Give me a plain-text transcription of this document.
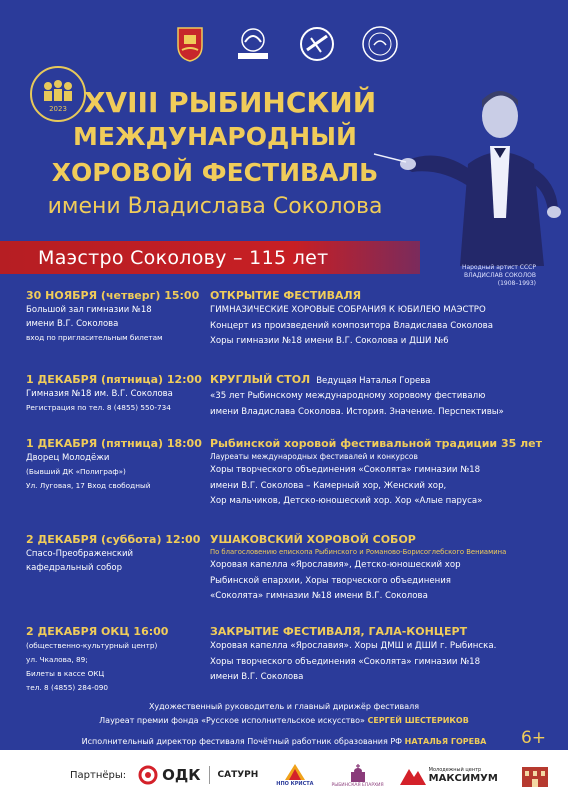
2023 XVIII РЫБИНСКИЙ
МЕЖДУНАРОДНЫЙ
ХОРОВОЙ ФЕСТИВАЛЬ
имени Владислава Соколова
Народный артист СССР
ВЛАДИСЛАВ СОКОЛОВ
(1908–1993)
Маэстро Соколову – 115 лет
30 НОЯБРЯ (четверг) 15:00
Большой зал гимназии №18
имени В.Г. Соколова
вход по пригласительным билетам
ОТКРЫТИЕ ФЕСТИВАЛЯ
ГИМНАЗИЧЕСКИЕ ХОРОВЫЕ СОБРАНИЯ К ЮБИЛЕЮ МАЭСТРО
Концерт из произведений композитора Владислава Соколова
Хоры гимназии №18 имени В.Г. Соколова и ДШИ №6
1 ДЕКАБРЯ (пятница) 12:00
Гимназия №18 им. В.Г. Соколова
Регистрация по тел. 8 (4855) 550-734
КРУГЛЫЙ СТОЛ Ведущая Наталья Горева
«35 лет Рыбинскому международному хоровому фестивалю
имени Владислава Соколова. История. Значение. Перспективы»
1 ДЕКАБРЯ (пятница) 18:00
Дворец Молодёжи
(Бывший ДК «Полиграф»)
Ул. Луговая, 17 Вход свободный
Рыбинской хоровой фестивальной традиции 35 лет
Лауреаты международных фестивалей и конкурсов
Хоры творческого объединения «Соколята» гимназии №18
имени В.Г. Соколова – Камерный хор, Женский хор,
Хор мальчиков, Детско-юношеский хор. Хор «Алые паруса»
2 ДЕКАБРЯ (суббота) 12:00
Спасо-Преображенский
кафедральный собор
УШАКОВСКИЙ ХОРОВОЙ СОБОР
По благословению епископа Рыбинского и Романово-Борисоглебского Вениамина
Хоровая капелла «Ярославия», Детско-юношеский хор
Рыбинской епархии, Хоры творческого объединения
«Соколята» гимназии №18 имени В.Г. Соколова
2 ДЕКАБРЯ ОКЦ 16:00
(общественно-культурный центр)
ул. Чкалова, 89;
Билеты в кассе ОКЦ
тел. 8 (4855) 284-090
ЗАКРЫТИЕ ФЕСТИВАЛЯ, ГАЛА-КОНЦЕРТ
Хоровая капелла «Ярославия». Хоры ДМШ и ДШИ г. Рыбинска.
Хоры творческого объединения «Соколята» гимназии №18
имени В.Г. Соколова
Художественный руководитель и главный дирижёр фестиваля
Лауреат премии фонда «Русское исполнительское искусство» СЕРГЕЙ ШЕСТЕРИКОВ
Исполнительный директор фестиваля Почётный работник образования РФ НАТАЛЬЯ ГОРЕВА	6+
Партнёры: ОДК САТУРН
НПО КРИСТА	РЫБИНСКАЯ ЕПАРХИЯ
Молодежный центр
МАКСИМУМ
